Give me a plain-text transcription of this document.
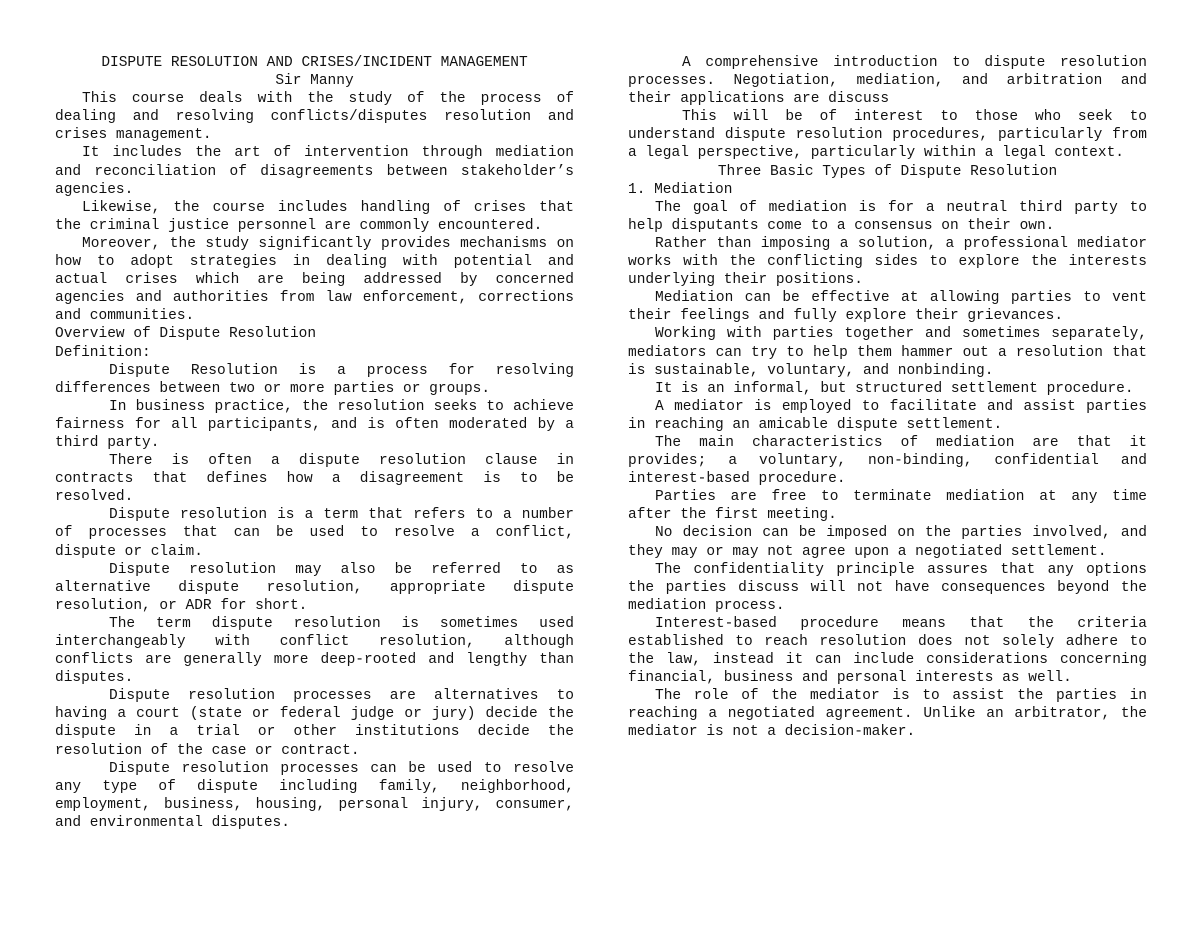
DISPUTE RESOLUTION AND CRISES/INCIDENT MANAGEMENT

Sir Manny

This course deals with the study of the process of dealing and resolving conflicts/disputes resolution and crises management.

It includes the art of intervention through mediation and reconciliation of disagreements between stakeholder’s agencies.

Likewise, the course includes handling of crises that the criminal justice personnel are commonly encountered.

Moreover, the study significantly provides mechanisms on how to adopt strategies in dealing with potential and actual crises which are being addressed by concerned agencies and authorities from law enforcement, corrections and communities.

Overview of Dispute Resolution

Definition:

Dispute Resolution is a process for resolving differences between two or more parties or groups.

In business practice, the resolution seeks to achieve fairness for all participants, and is often moderated by a third party.

There is often a dispute resolution clause in contracts that defines how a disagreement is to be resolved.

Dispute resolution is a term that refers to a number of processes that can be used to resolve a conflict, dispute or claim.

Dispute resolution may also be referred to as alternative dispute resolution, appropriate dispute resolution, or ADR for short.

The term dispute resolution is sometimes used interchangeably with conflict resolution, although conflicts are generally more deep-rooted and lengthy than disputes.

Dispute resolution processes are alternatives to having a court (state or federal judge or jury) decide the dispute in a trial or other institutions decide the resolution of the case or contract.

Dispute resolution processes can be used to resolve any type of dispute including family, neighborhood, employment, business, housing, personal injury, consumer, and environmental disputes.

A comprehensive introduction to dispute resolution processes. Negotiation, mediation, and arbitration and their applications are discuss

This will be of interest to those who seek to understand dispute resolution procedures, particularly from a legal perspective, particularly within a legal context.

Three Basic Types of Dispute Resolution

1. Mediation

The goal of mediation is for a neutral third party to help disputants come to a consensus on their own.

Rather than imposing a solution, a professional mediator works with the conflicting sides to explore the interests underlying their positions.

Mediation can be effective at allowing parties to vent their feelings and fully explore their grievances.

Working with parties together and sometimes separately, mediators can try to help them hammer out a resolution that is sustainable, voluntary, and nonbinding.

It is an informal, but structured settlement procedure.

A mediator is employed to facilitate and assist parties in reaching an amicable dispute settlement.

The main characteristics of mediation are that it provides; a voluntary, non-binding, confidential and interest-based procedure.

Parties are free to terminate mediation at any time after the first meeting.

No decision can be imposed on the parties involved, and they may or may not agree upon a negotiated settlement.

The confidentiality principle assures that any options the parties discuss will not have consequences beyond the mediation process.

Interest-based procedure means that the criteria established to reach resolution does not solely adhere to the law, instead it can include considerations concerning financial, business and personal interests as well.

The role of the mediator is to assist the parties in reaching a negotiated agreement. Unlike an arbitrator, the mediator is not a decision-maker.
